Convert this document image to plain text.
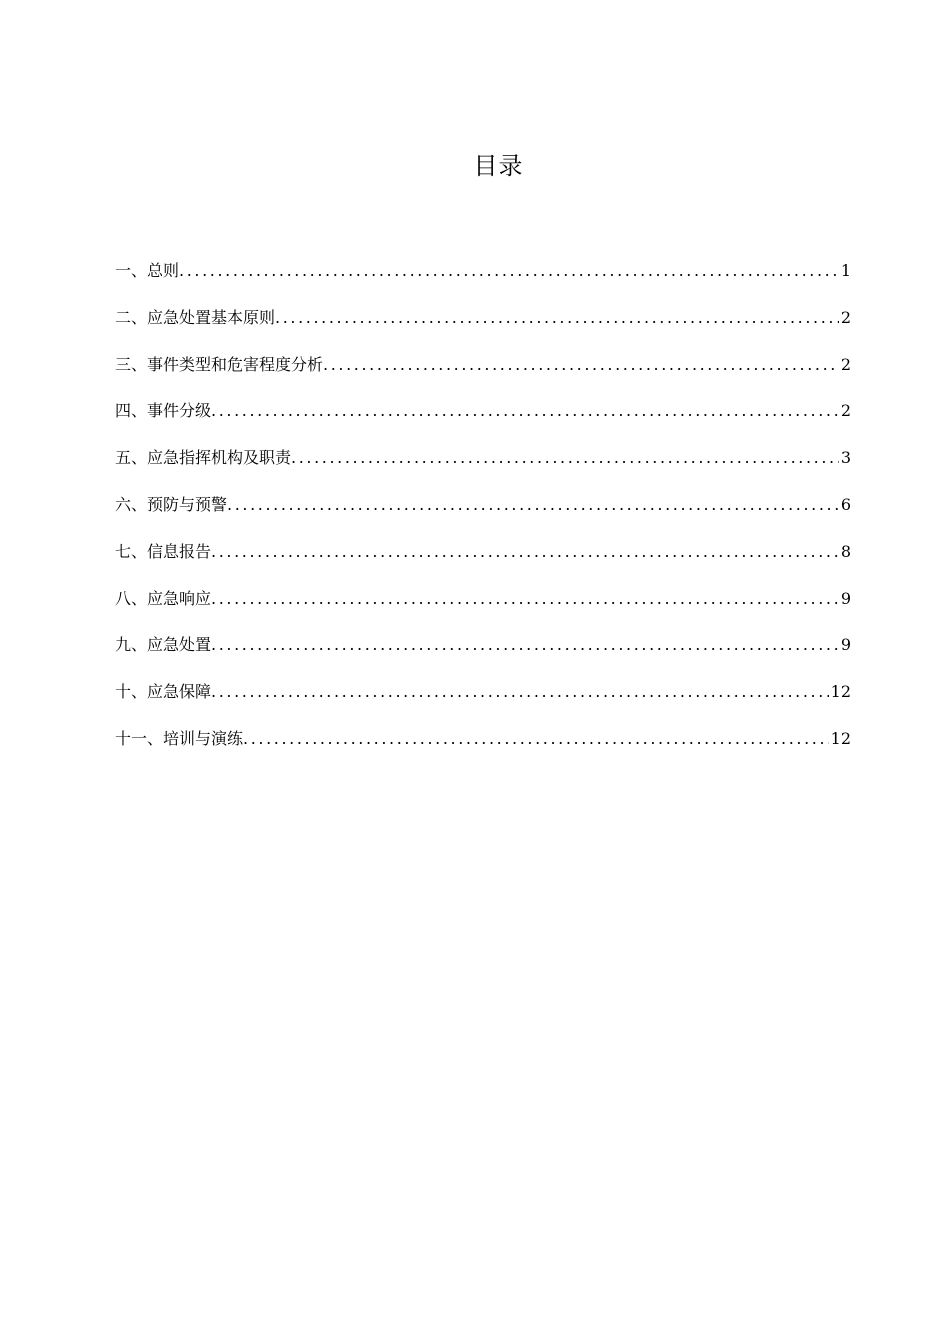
目录
一、总则 .....	1
二、应急处置基本原则 .....	2
三、事件类型和危害程度分析 .....	2
四、事件分级 .....	2
五、应急指挥机构及职责 .....	3
六、预防与预警 .....	6
七、信息报告 .....	8
八、应急响应 .....	9
九、应急处置 .....	9
十、应急保障 .....	12
十一、培训与演练 .....	12
